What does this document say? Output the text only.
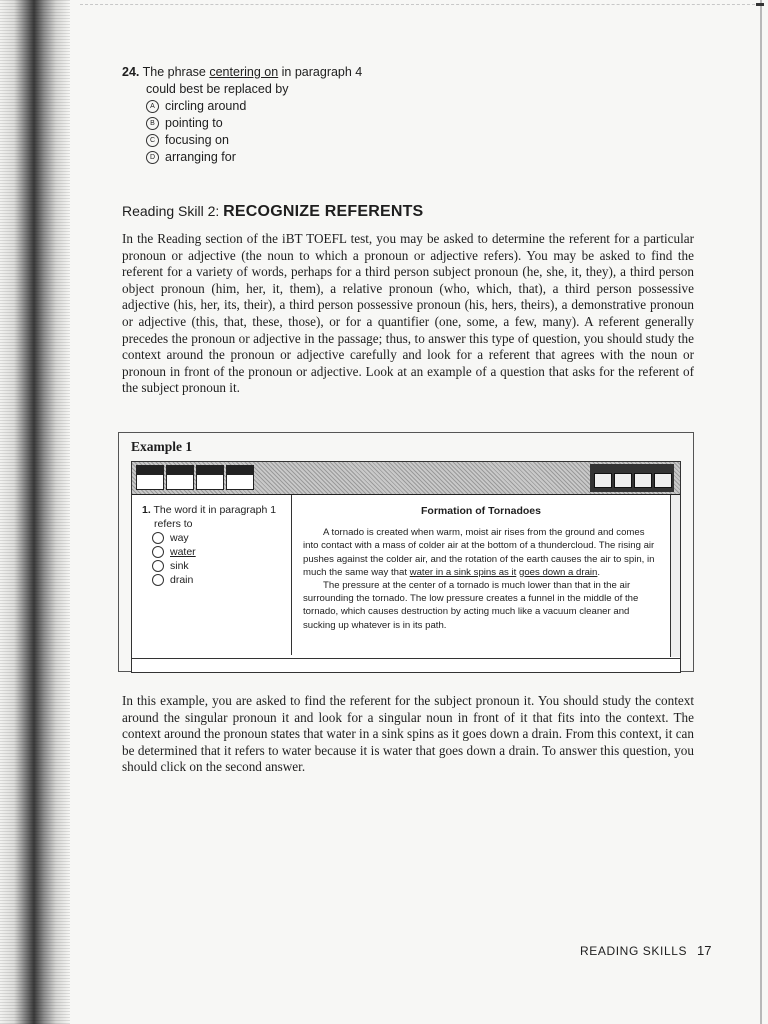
24. The phrase centering on in paragraph 4
could best be replaced by
A circling around
B pointing to
C focusing on
D arranging for
Reading Skill 2: RECOGNIZE REFERENTS

In the Reading section of the iBT TOEFL test, you may be asked to determine the referent for a particular pronoun or adjective (the noun to which a pronoun or adjective refers). You may be asked to find the referent for a variety of words, perhaps for a third person subject pronoun (he, she, it, they), a third person object pronoun (him, her, it, them), a relative pronoun (who, which, that), a third person possessive adjective (his, her, its, their), a third person possessive pronoun (his, hers, theirs), a demonstrative pronoun or adjective (this, that, these, those), or for a quantifier (one, some, a few, many). A referent generally precedes the pronoun or adjective in the passage; thus, to answer this type of question, you should study the context around the pronoun or adjective carefully and look for a referent that agrees with the noun or pronoun in front of the pronoun or adjective. Look at an example of a question that asks for the referent of the subject pronoun it.

Example 1
1. The word it in paragraph 1
refers to
way
water
sink
drain
Formation of Tornadoes

A tornado is created when warm, moist air rises from the ground and comes into contact with a mass of colder air at the bottom of a thundercloud. The rising air pushes against the colder air, and the rotation of the earth causes the air to spin, in much the same way that water in a sink spins as it goes down a drain.

The pressure at the center of a tornado is much lower than that in the air surrounding the tornado. The low pressure creates a funnel in the middle of the tornado, which causes destruction by acting much like a vacuum cleaner and sucking up whatever is in its path.

In this example, you are asked to find the referent for the subject pronoun it. You should study the context around the singular pronoun it and look for a singular noun in front of it that fits into the context. The context around the pronoun states that water in a sink spins as it goes down a drain. From this context, it can be determined that it refers to water because it is water that goes down a drain. To answer this question, you should click on the second answer.

READING SKILLS 17
